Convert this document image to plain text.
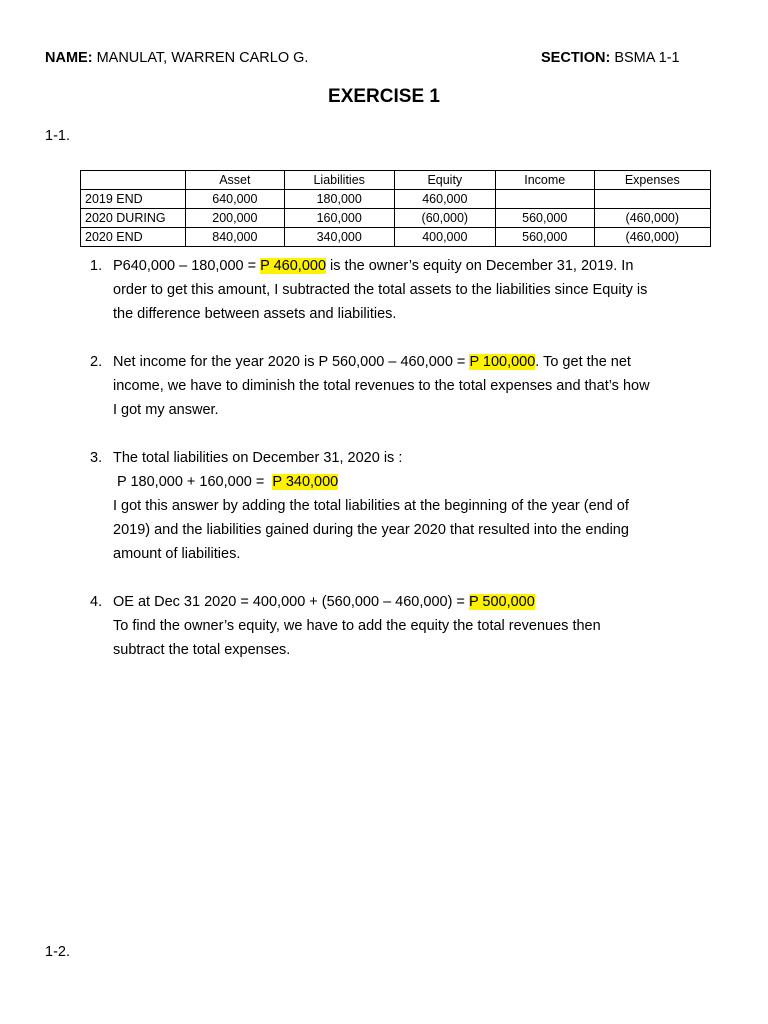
NAME: MANULAT, WARREN CARLO G.	SECTION: BSMA 1-1
EXERCISE 1
1-1.
	Asset	Liabilities	Equity	Income	Expenses
2019 END	640,000	180,000	460,000		
2020 DURING	200,000	160,000	(60,000)	560,000	(460,000)
2020 END	840,000	340,000	400,000	560,000	(460,000)
1. P640,000 – 180,000 = P 460,000 is the owner’s equity on December 31, 2019. In
order to get this amount, I subtracted the total assets to the liabilities since Equity is
the difference between assets and liabilities.
2. Net income for the year 2020 is P 560,000 – 460,000 = P 100,000. To get the net
income, we have to diminish the total revenues to the total expenses and that’s how
I got my answer.
3. The total liabilities on December 31, 2020 is :
P 180,000 + 160,000 =  P 340,000
I got this answer by adding the total liabilities at the beginning of the year (end of
2019) and the liabilities gained during the year 2020 that resulted into the ending
amount of liabilities.
4. OE at Dec 31 2020 = 400,000 + (560,000 – 460,000) = P 500,000
To find the owner’s equity, we have to add the equity the total revenues then
subtract the total expenses.
1-2.
